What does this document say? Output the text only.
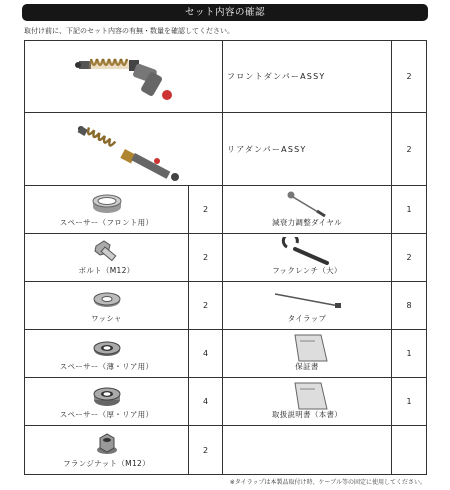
セット内容の確認
取付け前に、下記のセット内容の有無・数量を確認してください。
	フロントダンパーASSY	2

	リアダンパーASSY	2

スペーサー（フロント用）	2	減衰力調整ダイヤル	1

ボルト（M12）	2	フックレンチ（大）	2

ワッシャ	2	タイラップ	8

スペーサー（薄・リア用）	4	保証書	1

スペーサー（厚・リア用）	4	取扱説明書（本書）	1

フランジナット（M12）	2		
※タイラップは本製品取付け時、ケーブル等の固定に使用してください。
